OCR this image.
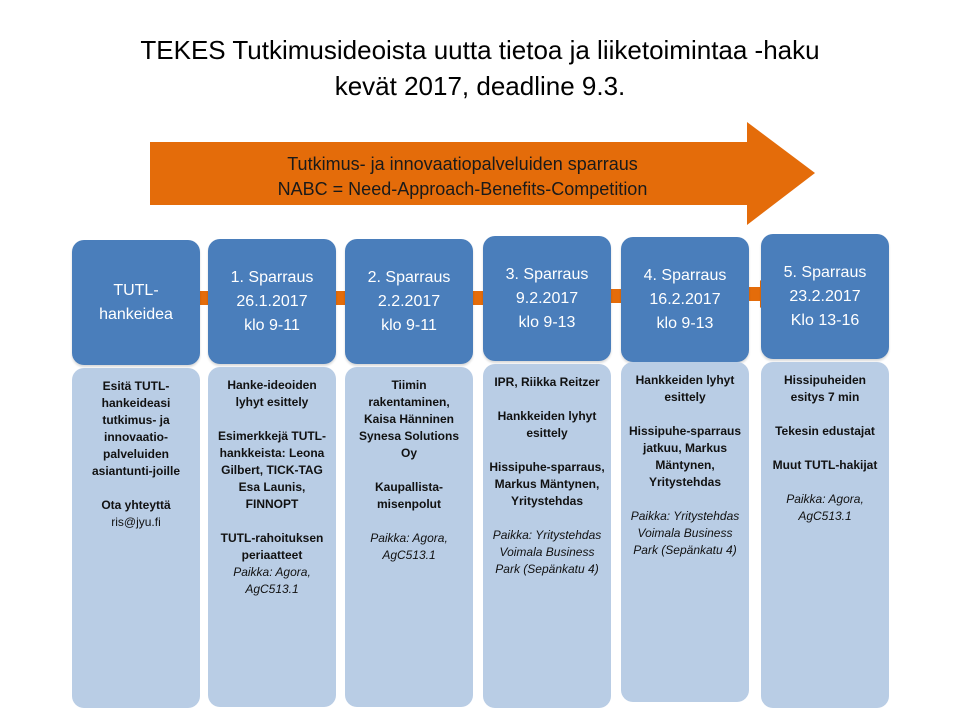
TEKES Tutkimusideoista uutta tietoa ja liiketoimintaa -haku
kevät 2017, deadline 9.3.
Tutkimus- ja innovaatiopalveluiden sparraus
NABC = Need-Approach-Benefits-Competition
TUTL-
hankeidea

Esitä TUTL-hankeideasi tutkimus- ja innovaatio-palveluiden asiantunti-joille

Ota yhteyttä
ris@jyu.fi

1. Sparraus
26.1.2017
klo 9-11

Hanke-ideoiden lyhyt esittely

Esimerkkejä TUTL-hankkeista: Leona Gilbert, TICK-TAG Esa Launis, FINNOPT

TUTL-rahoituksen periaatteet

Paikka: Agora, AgC513.1

2. Sparraus
2.2.2017
klo 9-11

Tiimin rakentaminen, Kaisa Hänninen Synesa Solutions Oy

Kaupallista-misenpolut

Paikka: Agora, AgC513.1

3. Sparraus
9.2.2017
klo 9-13

IPR, Riikka Reitzer

Hankkeiden lyhyt esittely

Hissipuhe-sparraus, Markus Mäntynen, Yritystehdas

Paikka: Yritystehdas Voimala Business Park (Sepänkatu 4)

4. Sparraus
16.2.2017
klo 9-13

Hankkeiden lyhyt esittely

Hissipuhe-sparraus jatkuu, Markus Mäntynen, Yritystehdas

Paikka: Yritystehdas Voimala Business Park (Sepänkatu 4)

5. Sparraus
23.2.2017
Klo 13-16

Hissipuheiden esitys 7 min

Tekesin edustajat

Muut TUTL-hakijat

Paikka: Agora, AgC513.1
